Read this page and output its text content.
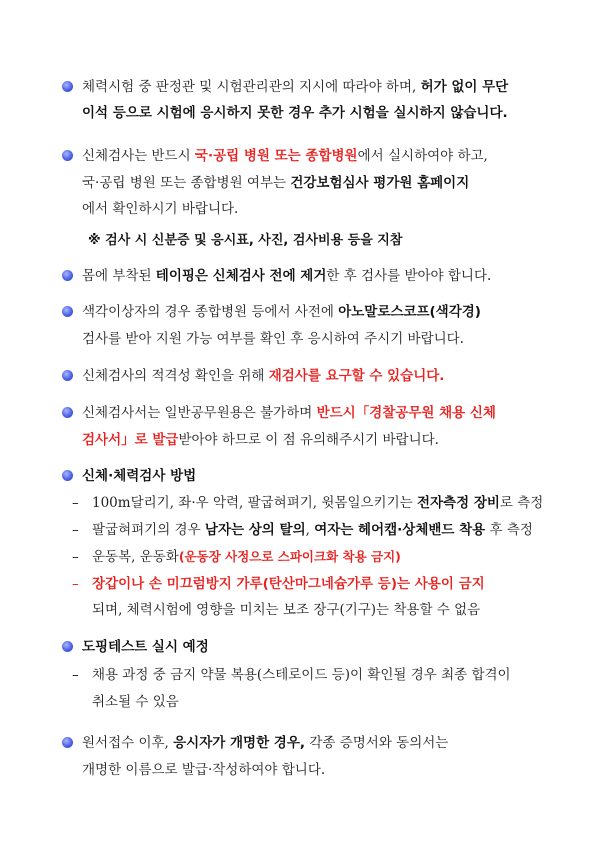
체력시험 중 판정관 및 시험관리관의 지시에 따라야 하며, 허가 없이 무단
이석 등으로 시험에 응시하지 못한 경우 추가 시험을 실시하지 않습니다.
신체검사는 반드시 국·공립 병원 또는 종합병원에서 실시하여야 하고,
국·공립 병원 또는 종합병원 여부는 건강보험심사 평가원 홈페이지
에서 확인하시기 바랍니다.
※ 검사 시 신분증 및 응시표, 사진, 검사비용 등을 지참
몸에 부착된 테이핑은 신체검사 전에 제거한 후 검사를 받아야 합니다.
색각이상자의 경우 종합병원 등에서 사전에 아노말로스코프(색각경)
검사를 받아 지원 가능 여부를 확인 후 응시하여 주시기 바랍니다.
신체검사의 적격성 확인을 위해 재검사를 요구할 수 있습니다.
신체검사서는 일반공무원용은 불가하며 반드시「경찰공무원 채용 신체
검사서」로 발급받아야 하므로 이 점 유의해주시기 바랍니다.
신체·체력검사 방법
– 100m달리기, 좌·우 악력, 팔굽혀펴기, 윗몸일으키기는 전자측정 장비로 측정
– 팔굽혀펴기의 경우 남자는 상의 탈의, 여자는 헤어캡·상체밴드 착용 후 측정
– 운동복, 운동화(운동장 사정으로 스파이크화 착용 금지)
– 장갑이나 손 미끄럼방지 가루(탄산마그네슘가루 등)는 사용이 금지
되며, 체력시험에 영향을 미치는 보조 장구(기구)는 착용할 수 없음
도핑테스트 실시 예정
– 채용 과정 중 금지 약물 복용(스테로이드 등)이 확인될 경우 최종 합격이
취소될 수 있음
원서접수 이후, 응시자가 개명한 경우, 각종 증명서와 동의서는
개명한 이름으로 발급·작성하여야 합니다.
